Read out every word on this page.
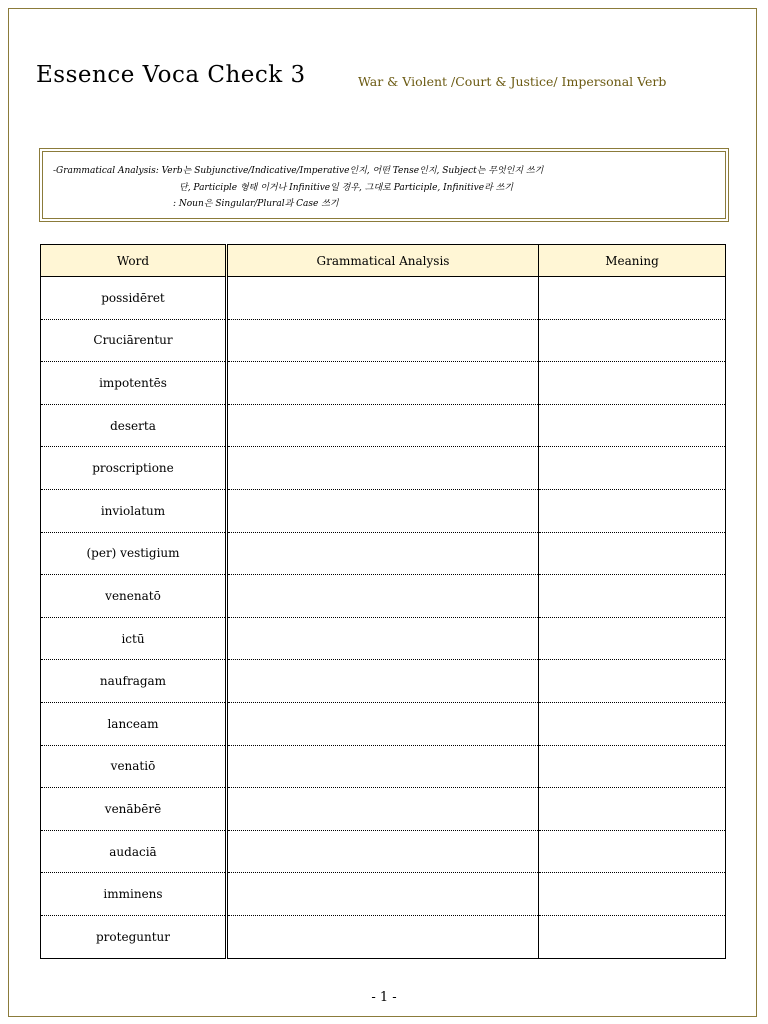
Essence Voca Check 3	War & Violent /Court & Justice/ Impersonal Verb
-Grammatical Analysis: Verb는 Subjunctive/Indicative/Imperative인지, 어떤 Tense인지, Subject는 무엇인지 쓰기
단, Participle 형태 이거나 Infinitive일 경우, 그대로 Participle, Infinitive라 쓰기
: Noun은 Singular/Plural과 Case 쓰기
Word	Grammatical Analysis	Meaning
possidēret		
Cruciārentur		
impotentēs		
deserta		
proscriptione		
inviolatum		
(per) vestigium		
venenatō		
ictū		
naufragam		
lanceam		
venatiō		
venābērē		
audaciā		
imminens		
proteguntur		
- 1 -
